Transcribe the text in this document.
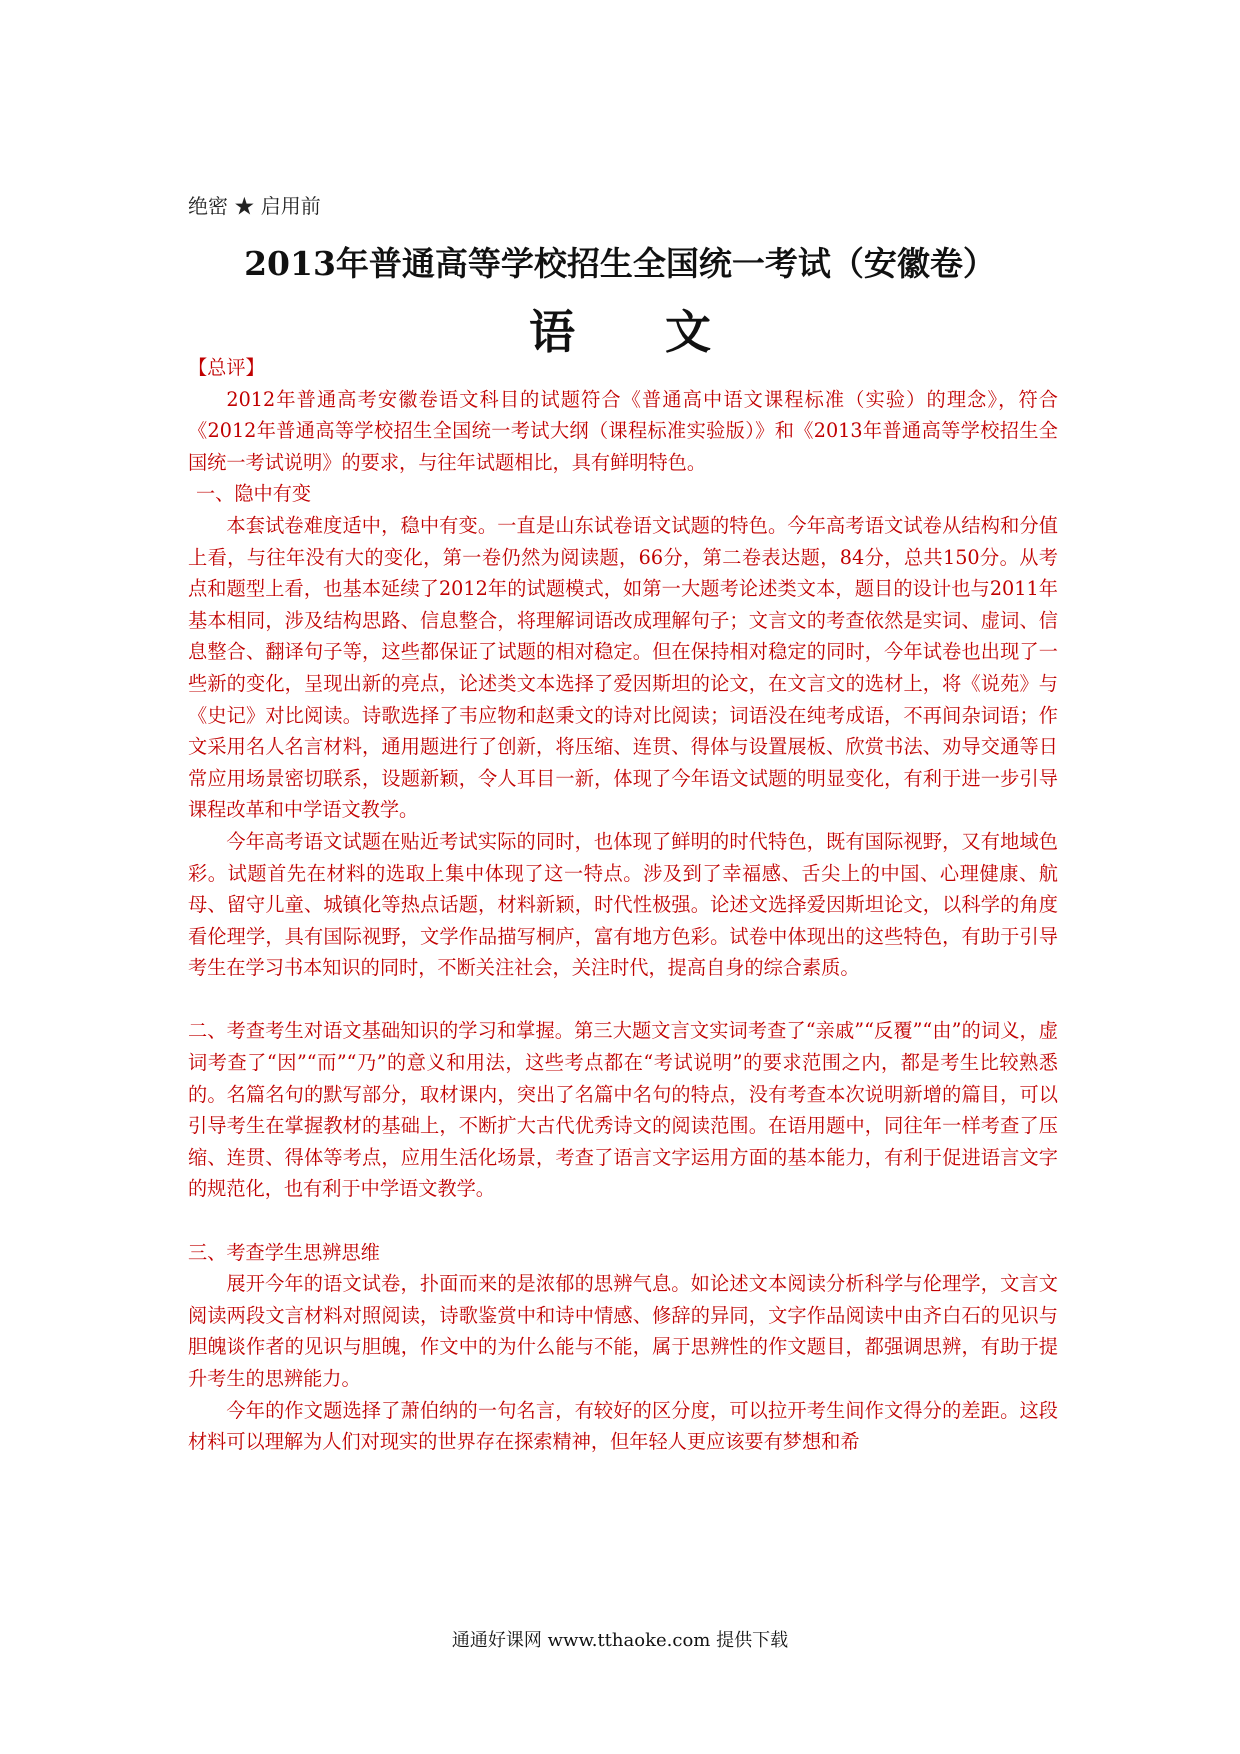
绝密 ★ 启用前
2013年普通高等学校招生全国统一考试（安徽卷）
语文

【总评】

2012年普通高考安徽卷语文科目的试题符合《普通高中语文课程标准（实验）的理念》，符合《2012年普通高等学校招生全国统一考试大纲（课程标准实验版）》和《2013年普通高等学校招生全国统一考试说明》的要求，与往年试题相比，具有鲜明特色。

一、隐中有变

本套试卷难度适中，稳中有变。一直是山东试卷语文试题的特色。今年高考语文试卷从结构和分值上看，与往年没有大的变化，第一卷仍然为阅读题，66分，第二卷表达题，84分，总共150分。从考点和题型上看，也基本延续了2012年的试题模式，如第一大题考论述类文本，题目的设计也与2011年基本相同，涉及结构思路、信息整合，将理解词语改成理解句子；文言文的考查依然是实词、虚词、信息整合、翻译句子等，这些都保证了试题的相对稳定。但在保持相对稳定的同时，今年试卷也出现了一些新的变化，呈现出新的亮点，论述类文本选择了爱因斯坦的论文，在文言文的选材上，将《说苑》与《史记》对比阅读。诗歌选择了韦应物和赵秉文的诗对比阅读；词语没在纯考成语，不再间杂词语；作文采用名人名言材料，通用题进行了创新，将压缩、连贯、得体与设置展板、欣赏书法、劝导交通等日常应用场景密切联系，设题新颖，令人耳目一新，体现了今年语文试题的明显变化，有利于进一步引导课程改革和中学语文教学。

今年高考语文试题在贴近考试实际的同时，也体现了鲜明的时代特色，既有国际视野，又有地域色彩。试题首先在材料的选取上集中体现了这一特点。涉及到了幸福感、舌尖上的中国、心理健康、航母、留守儿童、城镇化等热点话题，材料新颖，时代性极强。论述文选择爱因斯坦论文，以科学的角度看伦理学，具有国际视野，文学作品描写桐庐，富有地方色彩。试卷中体现出的这些特色，有助于引导考生在学习书本知识的同时，不断关注社会，关注时代，提高自身的综合素质。

二、考查考生对语文基础知识的学习和掌握。第三大题文言文实词考查了“亲戚”“反覆”“由”的词义，虚词考查了“因”“而”“乃”的意义和用法，这些考点都在“考试说明”的要求范围之内，都是考生比较熟悉的。名篇名句的默写部分，取材课内，突出了名篇中名句的特点，没有考查本次说明新增的篇目，可以引导考生在掌握教材的基础上，不断扩大古代优秀诗文的阅读范围。在语用题中，同往年一样考查了压缩、连贯、得体等考点，应用生活化场景，考查了语言文字运用方面的基本能力，有利于促进语言文字的规范化，也有利于中学语文教学。

三、考查学生思辨思维

展开今年的语文试卷，扑面而来的是浓郁的思辨气息。如论述文本阅读分析科学与伦理学，文言文阅读两段文言材料对照阅读，诗歌鉴赏中和诗中情感、修辞的异同，文字作品阅读中由齐白石的见识与胆魄谈作者的见识与胆魄，作文中的为什么能与不能，属于思辨性的作文题目，都强调思辨，有助于提升考生的思辨能力。

今年的作文题选择了萧伯纳的一句名言，有较好的区分度，可以拉开考生间作文得分的差距。这段材料可以理解为人们对现实的世界存在探索精神，但年轻人更应该要有梦想和希

通通好课网 www.tthaoke.com 提供下载
